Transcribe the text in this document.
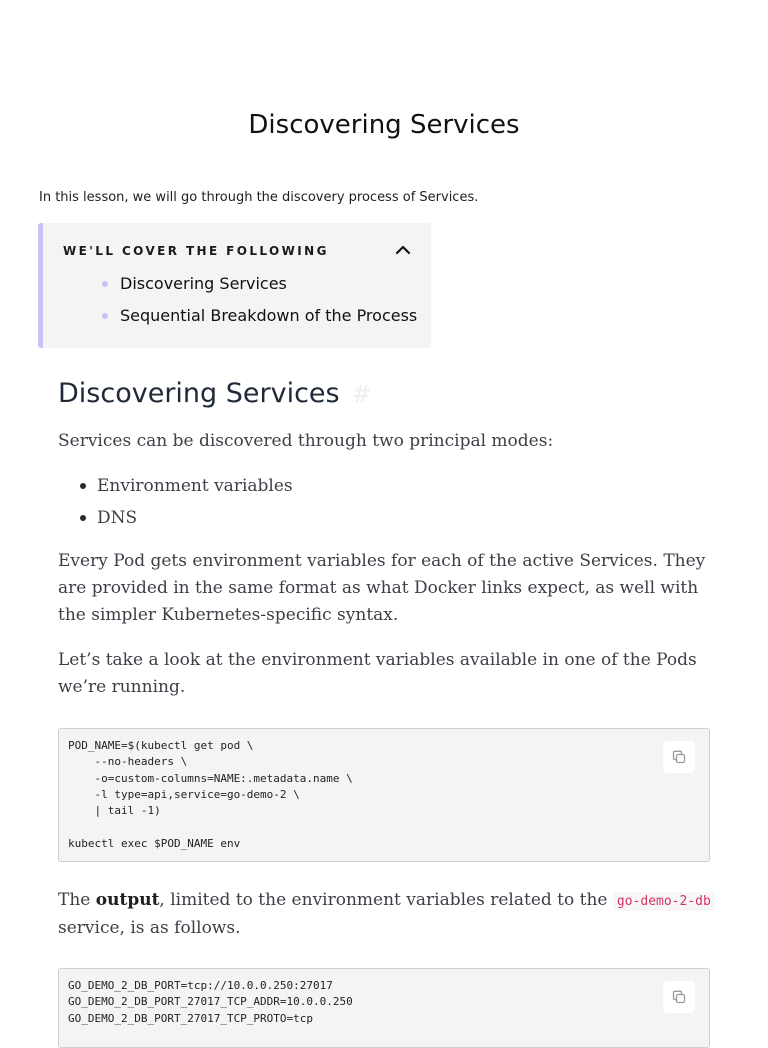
Discovering Services
In this lesson, we will go through the discovery process of Services.
WE'LL COVER THE FOLLOWING
Discovering Services
Sequential Breakdown of the Process
Discovering Services #

Services can be discovered through two principal modes:

Environment variables
DNS

Every Pod gets environment variables for each of the active Services. They are provided in the same format as what Docker links expect, as well with the simpler Kubernetes-specific syntax.

Let’s take a look at the environment variables available in one of the Pods we’re running.

POD_NAME=$(kubectl get pod \
--no-headers \
-o=custom-columns=NAME:.metadata.name \
-l type=api,service=go-demo-2 \
| tail -1)

kubectl exec $POD_NAME env

The output, limited to the environment variables related to the go-demo-2-db
service, is as follows.

GO_DEMO_2_DB_PORT=tcp://10.0.0.250:27017
GO_DEMO_2_DB_PORT_27017_TCP_ADDR=10.0.0.250
GO_DEMO_2_DB_PORT_27017_TCP_PROTO=tcp
